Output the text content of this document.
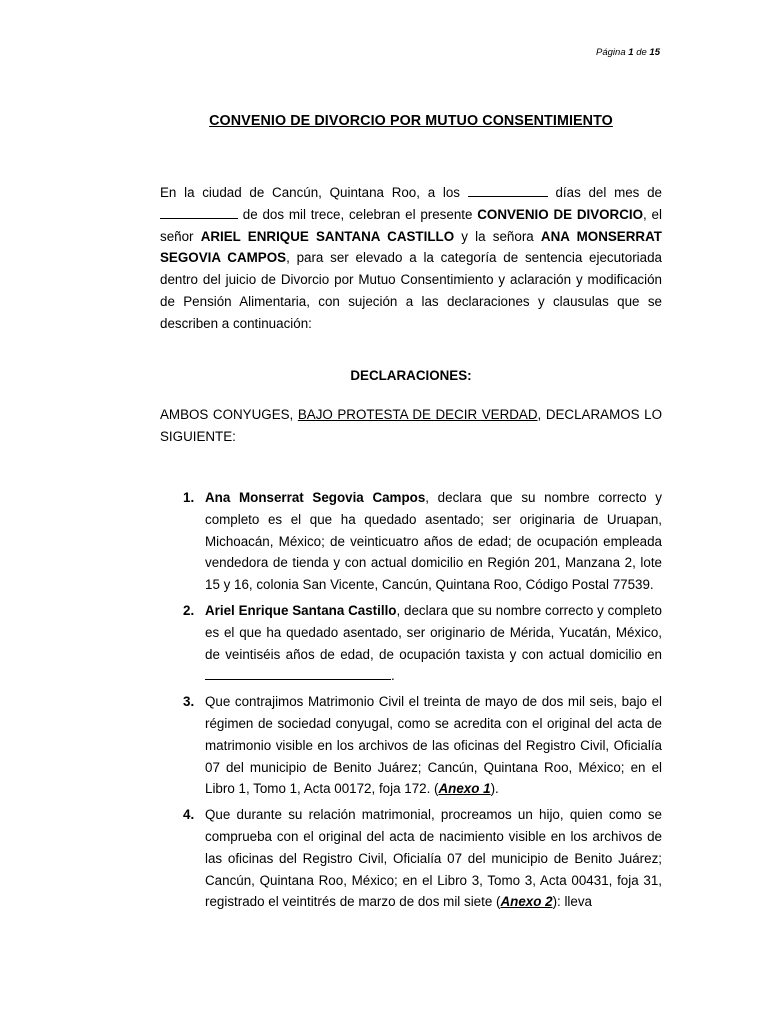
Página 1 de 15
CONVENIO DE DIVORCIO POR MUTUO CONSENTIMIENTO
En la ciudad de Cancún, Quintana Roo, a los	días del mes de  de dos mil trece, celebran el presente CONVENIO DE DIVORCIO, el señor ARIEL ENRIQUE SANTANA CASTILLO y la señora ANA MONSERRAT SEGOVIA CAMPOS, para ser elevado a la categoría de sentencia ejecutoriada dentro del juicio de Divorcio por Mutuo Consentimiento y aclaración y modificación de Pensión Alimentaria, con sujeción a las declaraciones y clausulas que se describen a continuación:
DECLARACIONES:
AMBOS CONYUGES, BAJO PROTESTA DE DECIR VERDAD, DECLARAMOS LO SIGUIENTE:
1. Ana Monserrat Segovia Campos, declara que su nombre correcto y completo es el que ha quedado asentado; ser originaria de Uruapan, Michoacán, México; de veinticuatro años de edad; de ocupación empleada vendedora de tienda y con actual domicilio en Región 201, Manzana 2, lote 15 y 16, colonia San Vicente, Cancún, Quintana Roo, Código Postal 77539.
2. Ariel Enrique Santana Castillo, declara que su nombre correcto y completo es el que ha quedado asentado, ser originario de Mérida, Yucatán, México, de veintiséis años de edad, de ocupación taxista y con actual domicilio en .
3. Que contrajimos Matrimonio Civil el treinta de mayo de dos mil seis, bajo el régimen de sociedad conyugal, como se acredita con el original del acta de matrimonio visible en los archivos de las oficinas del Registro Civil, Oficialía 07 del municipio de Benito Juárez; Cancún, Quintana Roo, México; en el Libro 1, Tomo 1, Acta 00172, foja 172. (Anexo 1).
4. Que durante su relación matrimonial, procreamos un hijo, quien como se comprueba con el original del acta de nacimiento visible en los archivos de las oficinas del Registro Civil, Oficialía 07 del municipio de Benito Juárez; Cancún, Quintana Roo, México; en el Libro 3, Tomo 3, Acta 00431, foja 31, registrado el veintitrés de marzo de dos mil siete (Anexo 2): lleva
